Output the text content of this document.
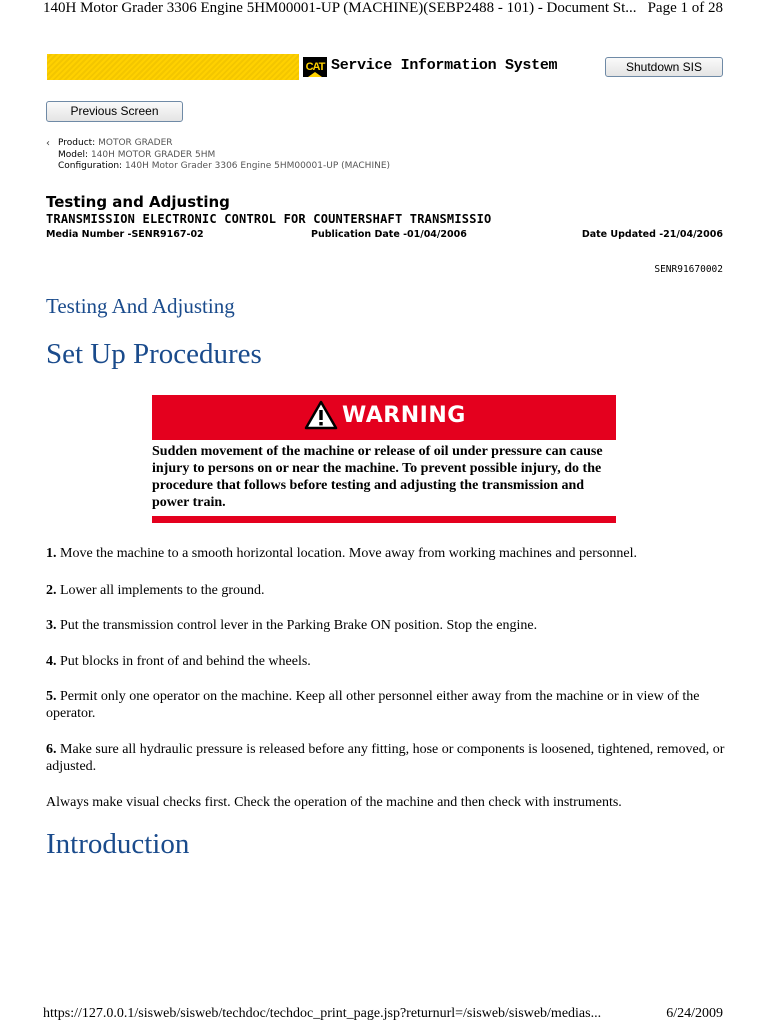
140H Motor Grader 3306 Engine 5HM00001-UP (MACHINE)(SEBP2488 - 101) - Document St... Page 1 of 28
CAT Service Information System	Shutdown SIS
Previous Screen
‹ Product: MOTOR GRADER
Model: 140H MOTOR GRADER 5HM
Configuration: 140H Motor Grader 3306 Engine 5HM00001-UP (MACHINE)
Testing and Adjusting
TRANSMISSION ELECTRONIC CONTROL FOR COUNTERSHAFT TRANSMISSIO
Media Number -SENR9167-02	Publication Date -01/04/2006	Date Updated -21/04/2006
SENR91670002
Testing And Adjusting
Set Up Procedures
WARNING
Sudden movement of the machine or release of oil under pressure can cause injury to persons on or near the machine. To prevent possible injury, do the procedure that follows before testing and adjusting the transmission and power train.
1. Move the machine to a smooth horizontal location. Move away from working machines and personnel.
2. Lower all implements to the ground.
3. Put the transmission control lever in the Parking Brake ON position. Stop the engine.
4. Put blocks in front of and behind the wheels.
5. Permit only one operator on the machine. Keep all other personnel either away from the machine or in view of the operator.
6. Make sure all hydraulic pressure is released before any fitting, hose or components is loosened, tightened, removed, or adjusted.
Always make visual checks first. Check the operation of the machine and then check with instruments.
Introduction
https://127.0.0.1/sisweb/sisweb/techdoc/techdoc_print_page.jsp?returnurl=/sisweb/sisweb/medias...	6/24/2009
